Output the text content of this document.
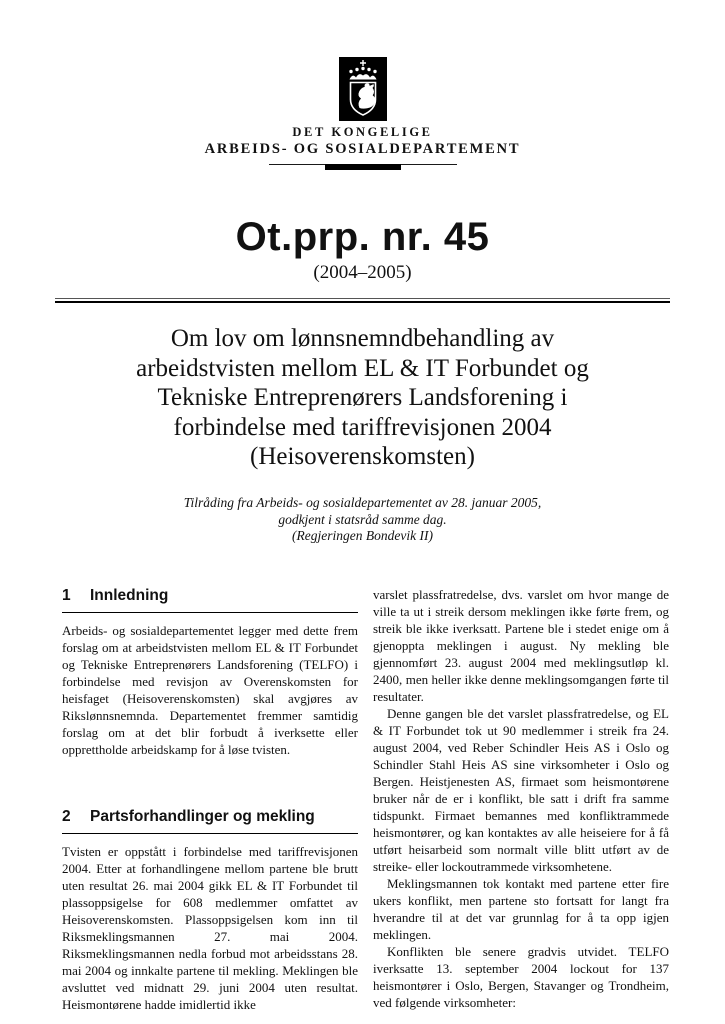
DET KONGELIGE
ARBEIDS- OG SOSIALDEPARTEMENT
Ot.prp. nr. 45
(2004–2005)
Om lov om lønnsnemndbehandling av
arbeidstvisten mellom EL & IT Forbundet og
Tekniske Entreprenørers Landsforening i
forbindelse med tariffrevisjonen 2004
(Heisoverenskomsten)
Tilråding fra Arbeids- og sosialdepartementet av 28. januar 2005,
godkjent i statsråd samme dag.
(Regjeringen Bondevik II)
1	Innledning

Arbeids- og sosialdepartementet legger med dette frem forslag om at arbeidstvisten mellom EL & IT Forbundet og Tekniske Entreprenørers Landsforening (TELFO) i forbindelse med revisjon av Overenskomsten for heisfaget (Heisoverenskomsten) skal avgjøres av Rikslønnsnemnda. Departementet fremmer samtidig forslag om at det blir forbudt å iverksette eller opprettholde arbeidskamp for å løse tvisten.

2	Partsforhandlinger og mekling

Tvisten er oppstått i forbindelse med tariffrevisjonen 2004. Etter at forhandlingene mellom partene ble brutt uten resultat 26. mai 2004 gikk EL & IT Forbundet til plassoppsigelse for 608 medlemmer omfattet av Heisoverenskomsten. Plassoppsigelsen kom inn til Riksmeklingsmannen 27. mai 2004. Riksmeklingsmannen nedla forbud mot arbeidsstans 28. mai 2004 og innkalte partene til mekling. Meklingen ble avsluttet ved midnatt 29. juni 2004 uten resultat. Heismontørene hadde imidlertid ikke

varslet plassfratredelse, dvs. varslet om hvor mange de ville ta ut i streik dersom meklingen ikke førte frem, og streik ble ikke iverksatt. Partene ble i stedet enige om å gjenoppta meklingen i august. Ny mekling ble gjennomført 23. august 2004 med meklingsutløp kl. 2400, men heller ikke denne meklingsomgangen førte til resultater.

Denne gangen ble det varslet plassfratredelse, og EL & IT Forbundet tok ut 90 medlemmer i streik fra 24. august 2004, ved Reber Schindler Heis AS i Oslo og Schindler Stahl Heis AS sine virksomheter i Oslo og Bergen. Heistjenesten AS, firmaet som heismontørene bruker når de er i konflikt, ble satt i drift fra samme tidspunkt. Firmaet bemannes med konfliktrammede heismontører, og kan kontaktes av alle heiseiere for å få utført heisarbeid som normalt ville blitt utført av de streike- eller lockoutrammede virksomhetene.

Meklingsmannen tok kontakt med partene etter fire ukers konflikt, men partene sto fortsatt for langt fra hverandre til at det var grunnlag for å ta opp igjen meklingen.

Konflikten ble senere gradvis utvidet. TELFO iverksatte 13. september 2004 lockout for 137 heismontører i Oslo, Bergen, Stavanger og Trondheim, ved følgende virksomheter:
